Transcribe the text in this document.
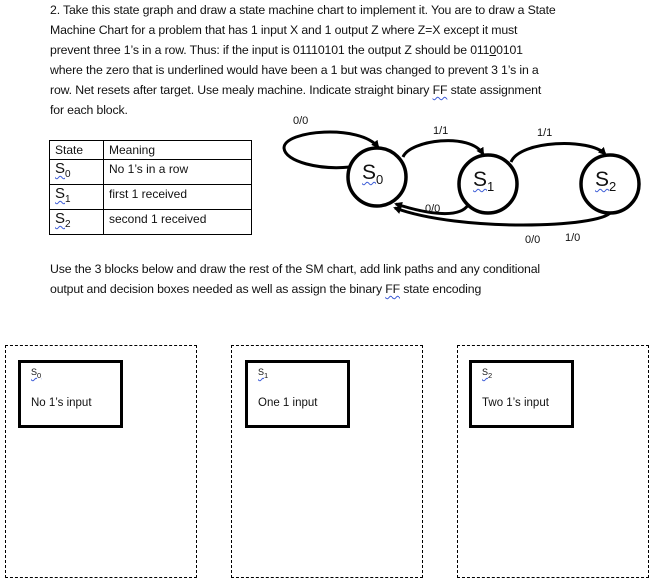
2. Take this state graph and draw a state machine chart to implement it. You are to draw a State

Machine Chart for a problem that has 1 input X and 1 output Z where Z=X except it must

prevent three 1’s in a row. Thus: if the input is 01110101 the output Z should be 01100101

where the zero that is underlined would have been a 1 but was changed to prevent 3 1’s in a

row. Net resets after target. Use mealy machine. Indicate straight binary FF state assignment

for each block.

State	Meaning
$S_0$	No 1’s in a row
$S_1$	first 1 received
$S_2$	second 1 received
$S_0$	$S_1$	$S_2$
0/0
1/1	1/1
0/0
0/0 1/0

Use the 3 blocks below and draw the rest of the SM chart, add link paths and any conditional

output and decision boxes needed as well as assign the binary FF state encoding

$S_0$
No 1’s input
$S_1$
One 1 input
$S_2$
Two 1’s input
